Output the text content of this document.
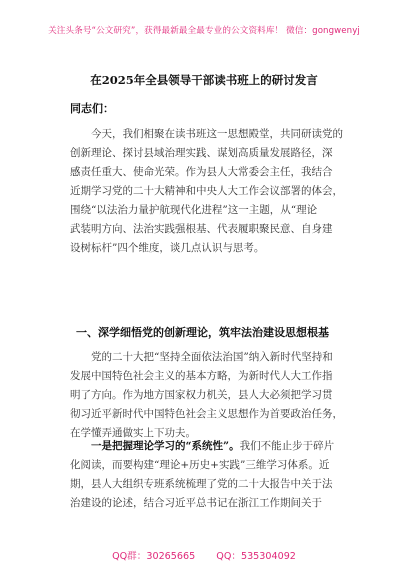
关注头条号“公文研究”，获得最新最全最专业的公文资料库！ 微信：gongwenyj
在2025年全县领导干部读书班上的研讨发言
同志们：
今天，我们相聚在读书班这一思想殿堂，共同研读党的
创新理论、探讨县域治理实践、谋划高质量发展路径，深
感责任重大、使命光荣。作为县人大常委会主任，我结合
近期学习党的二十大精神和中央人大工作会议部署的体会，
围绕“以法治力量护航现代化进程”这一主题，从“理论
武装明方向、法治实践强根基、代表履职聚民意、自身建
设树标杆”四个维度，谈几点认识与思考。
一、深学细悟党的创新理论，筑牢法治建设思想根基
党的二十大把“坚持全面依法治国”纳入新时代坚持和
发展中国特色社会主义的基本方略，为新时代人大工作指
明了方向。作为地方国家权力机关，县人大必须把学习贯
彻习近平新时代中国特色社会主义思想作为首要政治任务，
在学懂弄通做实上下功夫。
一是把握理论学习的“系统性”。我们不能止步于碎片
化阅读，而要构建“理论+历史+实践”三维学习体系。近
期，县人大组织专班系统梳理了党的二十大报告中关于法
治建设的论述，结合习近平总书记在浙江工作期间关于
QQ群：30265665 QQ：535304092
